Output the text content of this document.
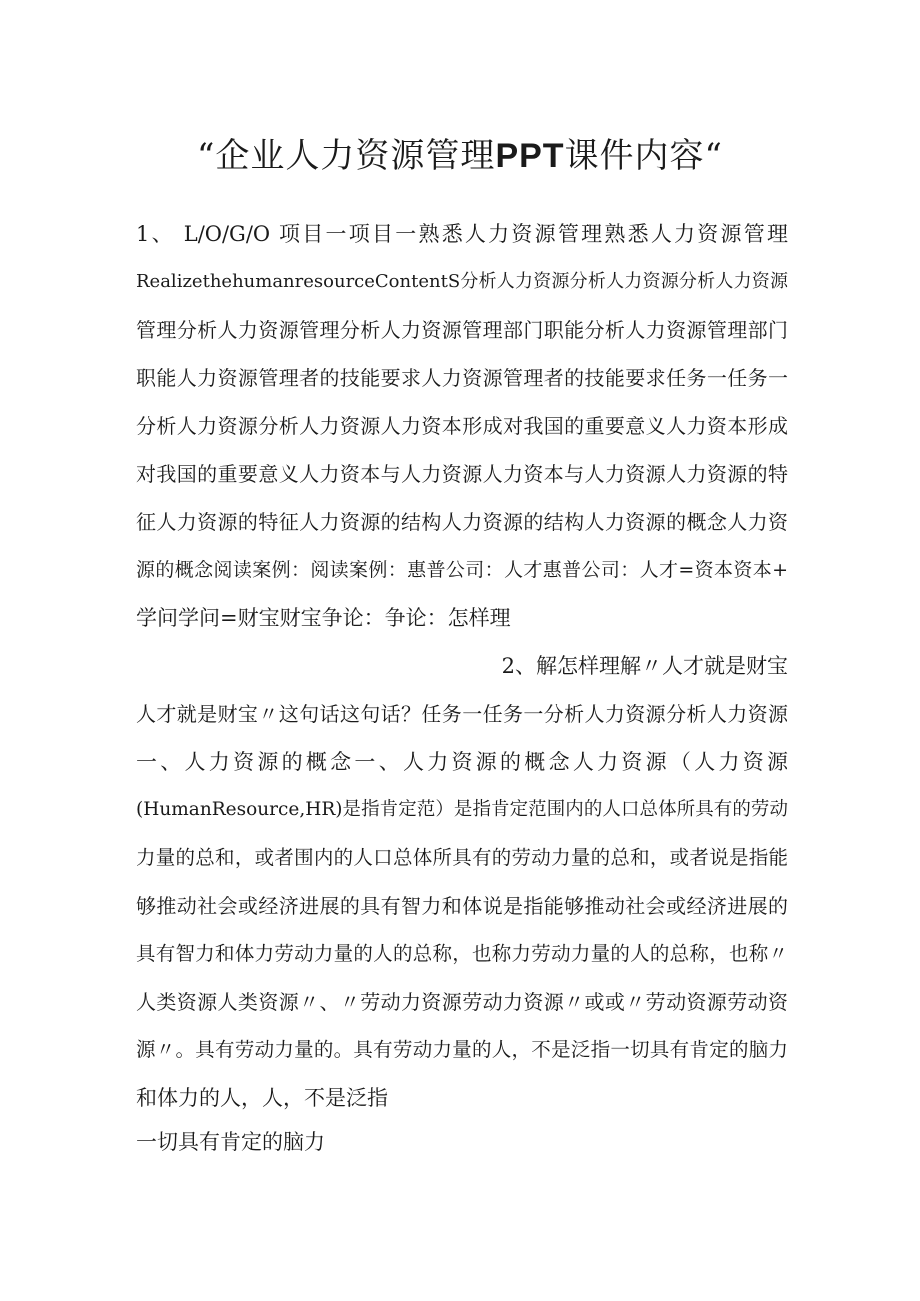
“企业人力资源管理PPT课件内容“
1、 L/O/G/O 项目一项目一熟悉人力资源管理熟悉人力资源管理
RealizethehumanresourceContentS分析人力资源分析人力资源分析人力资源
管理分析人力资源管理分析人力资源管理部门职能分析人力资源管理部门
职能人力资源管理者的技能要求人力资源管理者的技能要求任务一任务一
分析人力资源分析人力资源人力资本形成对我国的重要意义人力资本形成
对我国的重要意义人力资本与人力资源人力资本与人力资源人力资源的特
征人力资源的特征人力资源的结构人力资源的结构人力资源的概念人力资
源的概念阅读案例：阅读案例：惠普公司：人才惠普公司：人才=资本资本+
学问学问=财宝财宝争论：争论：怎样理
2、解怎样理解〃人才就是财宝
人才就是财宝〃这句话这句话？任务一任务一分析人力资源分析人力资源
一、人力资源的概念一、人力资源的概念人力资源（人力资源
(HumanResource,HR)是指肯定范）是指肯定范围内的人口总体所具有的劳动
力量的总和，或者围内的人口总体所具有的劳动力量的总和，或者说是指能
够推动社会或经济进展的具有智力和体说是指能够推动社会或经济进展的
具有智力和体力劳动力量的人的总称，也称力劳动力量的人的总称，也称〃
人类资源人类资源〃、〃劳动力资源劳动力资源〃或或〃劳动资源劳动资
源〃。具有劳动力量的。具有劳动力量的人，不是泛指一切具有肯定的脑力
和体力的人，人，不是泛指
一切具有肯定的脑力
